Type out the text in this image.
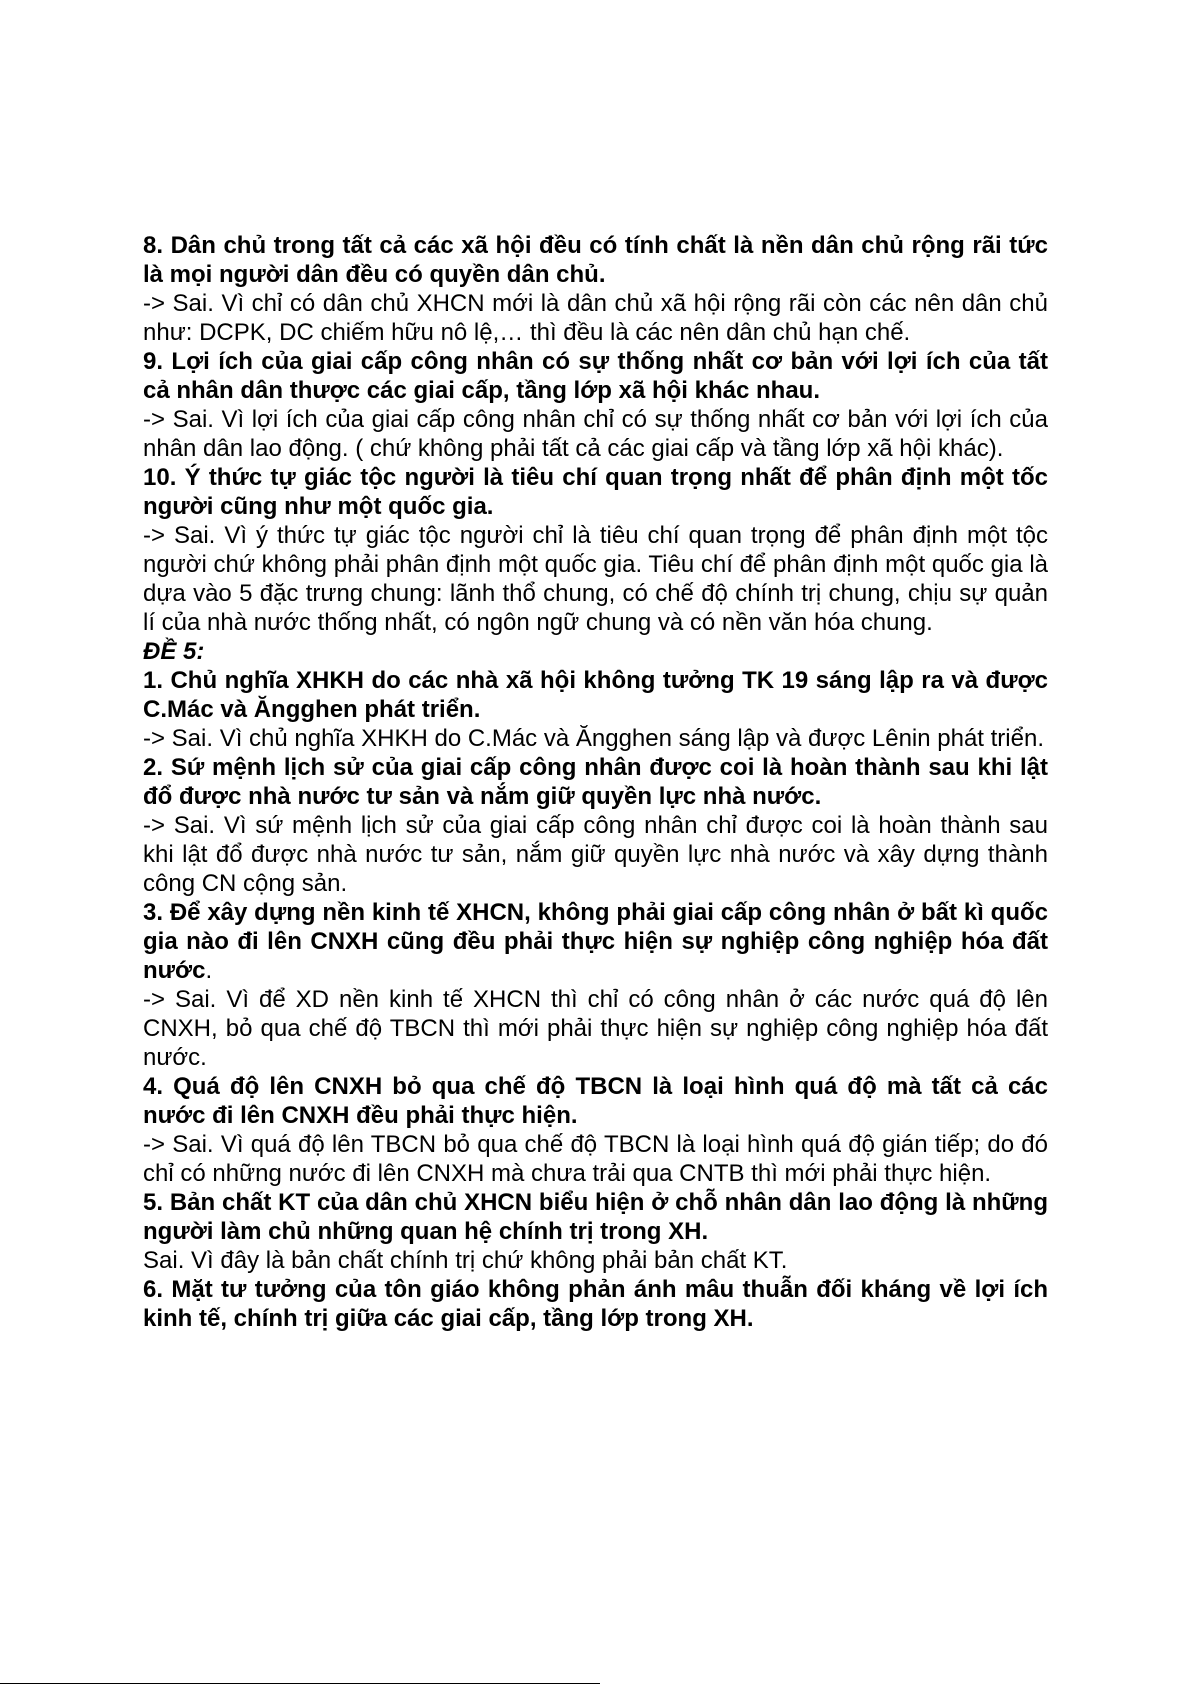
8. Dân chủ trong tất cả các xã hội đều có tính chất là nền dân chủ rộng rãi tức là mọi người dân đều có quyền dân chủ.

-> Sai. Vì chỉ có dân chủ XHCN mới là dân chủ xã hội rộng rãi còn các nên dân chủ như: DCPK, DC chiếm hữu nô lệ,… thì đều là các nên dân chủ hạn chế.

9. Lợi ích của giai cấp công nhân có sự thống nhất cơ bản với lợi ích của tất cả nhân dân thược các giai cấp, tầng lớp xã hội khác nhau.

-> Sai. Vì lợi ích của giai cấp công nhân chỉ có sự thống nhất cơ bản với lợi ích của nhân dân lao động. ( chứ không phải tất cả các giai cấp và tầng lớp xã hội khác).

10. Ý thức tự giác tộc người là tiêu chí quan trọng nhất để phân định một tốc người cũng như một quốc gia.

-> Sai. Vì ý thức tự giác tộc người chỉ là tiêu chí quan trọng để phân định một tộc người chứ không phải phân định một quốc gia. Tiêu chí để phân định một quốc gia là dựa vào 5 đặc trưng chung: lãnh thổ chung, có chế độ chính trị chung, chịu sự quản lí của nhà nước thống nhất, có ngôn ngữ chung và có nền văn hóa chung.

ĐỀ 5:

1. Chủ nghĩa XHKH do các nhà xã hội không tưởng TK 19 sáng lập ra và được C.Mác và Ăngghen phát triển.

-> Sai. Vì chủ nghĩa XHKH do C.Mác và Ăngghen sáng lập và được Lênin phát triển.

2. Sứ mệnh lịch sử của giai cấp công nhân được coi là hoàn thành sau khi lật đổ được nhà nước tư sản và nắm giữ quyền lực nhà nước.

-> Sai. Vì sứ mệnh lịch sử của giai cấp công nhân chỉ được coi là hoàn thành sau khi lật đổ được nhà nước tư sản, nắm giữ quyền lực nhà nước và xây dựng thành công CN cộng sản.

3. Để xây dựng nền kinh tế XHCN, không phải giai cấp công nhân ở bất kì quốc gia nào đi lên CNXH cũng đều phải thực hiện sự nghiệp công nghiệp hóa đất nước.

-> Sai. Vì để XD nền kinh tế XHCN thì chỉ có công nhân ở các nước quá độ lên CNXH, bỏ qua chế độ TBCN thì mới phải thực hiện sự nghiệp công nghiệp hóa đất nước.

4. Quá độ lên CNXH bỏ qua chế độ TBCN là loại hình quá độ mà tất cả các nước đi lên CNXH đều phải thực hiện.

-> Sai. Vì quá độ lên TBCN bỏ qua chế độ TBCN là loại hình quá độ gián tiếp; do đó chỉ có những nước đi lên CNXH mà chưa trải qua CNTB thì mới phải thực hiện.

5. Bản chất KT của dân chủ XHCN biểu hiện ở chỗ nhân dân lao động là những người làm chủ những quan hệ chính trị trong XH.

Sai. Vì đây là bản chất chính trị chứ không phải bản chất KT.

6. Mặt tư tưởng của tôn giáo không phản ánh mâu thuẫn đối kháng về lợi ích kinh tế, chính trị giữa các giai cấp, tầng lớp trong XH.
